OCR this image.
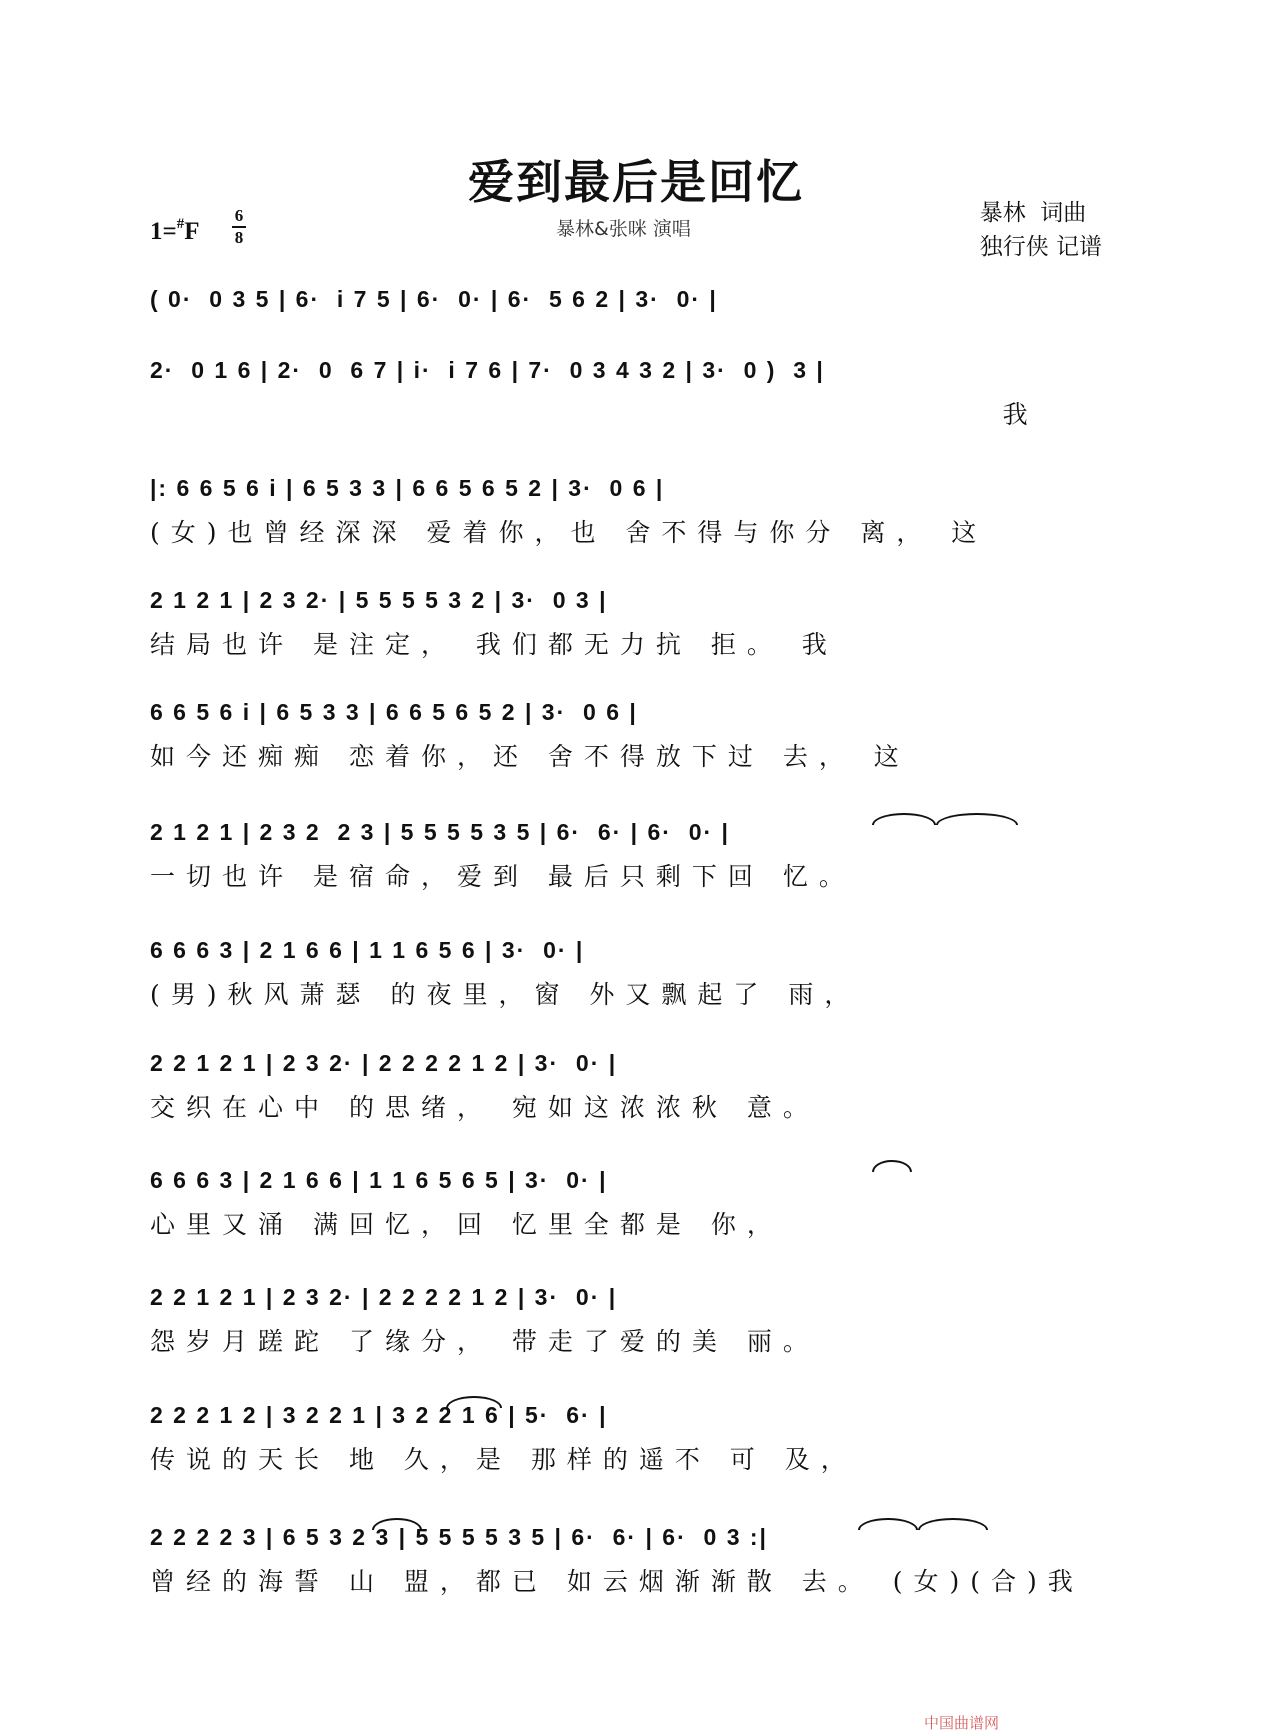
爱到最后是回忆
暴林&张咪 演唱
暴林  词曲
独行侠 记谱
1=#F
6
8
( 0·  0 3 5 | 6·  i 7 5 | 6·  0· | 6·  5 6 2 | 3·  0· |
2·  0 1 6 | 2·  0  6 7 | i·  i 7 6 | 7·  0 3 4 3 2 | 3·  0 )  3 |
我
|: 6 6 5 6 i | 6 5 3 3 | 6 6 5 6 5 2 | 3·  0 6 |
(女)也曾经深深 爱着你，也 舍不得与你分 离， 这
2 1 2 1 | 2 3 2· | 5 5 5 5 3 2 | 3·  0 3 |
结局也许 是注定， 我们都无力抗 拒。 我
6 6 5 6 i | 6 5 3 3 | 6 6 5 6 5 2 | 3·  0 6 |
如今还痴痴 恋着你，还 舍不得放下过 去， 这
2 1 2 1 | 2 3 2  2 3 | 5 5 5 5 3 5 | 6·  6· | 6·  0· |
一切也许 是宿命，爱到 最后只剩下回 忆。
6 6 6 3 | 2 1 6 6 | 1 1 6 5 6 | 3·  0· |
(男)秋风萧瑟 的夜里，窗 外又飘起了 雨，
2 2 1 2 1 | 2 3 2· | 2 2 2 2 1 2 | 3·  0· |
交织在心中 的思绪， 宛如这浓浓秋 意。
6 6 6 3 | 2 1 6 6 | 1 1 6 5 6 5 | 3·  0· |
心里又涌 满回忆，回 忆里全都是 你，
2 2 1 2 1 | 2 3 2· | 2 2 2 2 1 2 | 3·  0· |
怨岁月蹉跎 了缘分， 带走了爱的美 丽。
2 2 2 1 2 | 3 2 2 1 | 3 2 2 1 6 | 5·  6· |
传说的天长 地 久，是 那样的遥不 可 及，
2 2 2 2 3 | 6 5 3 2 3 | 5 5 5 5 3 5 | 6·  6· | 6·  0 3 :|
曾经的海誓 山 盟，都已 如云烟渐渐散 去。 (女)(合)我
中国曲谱网
